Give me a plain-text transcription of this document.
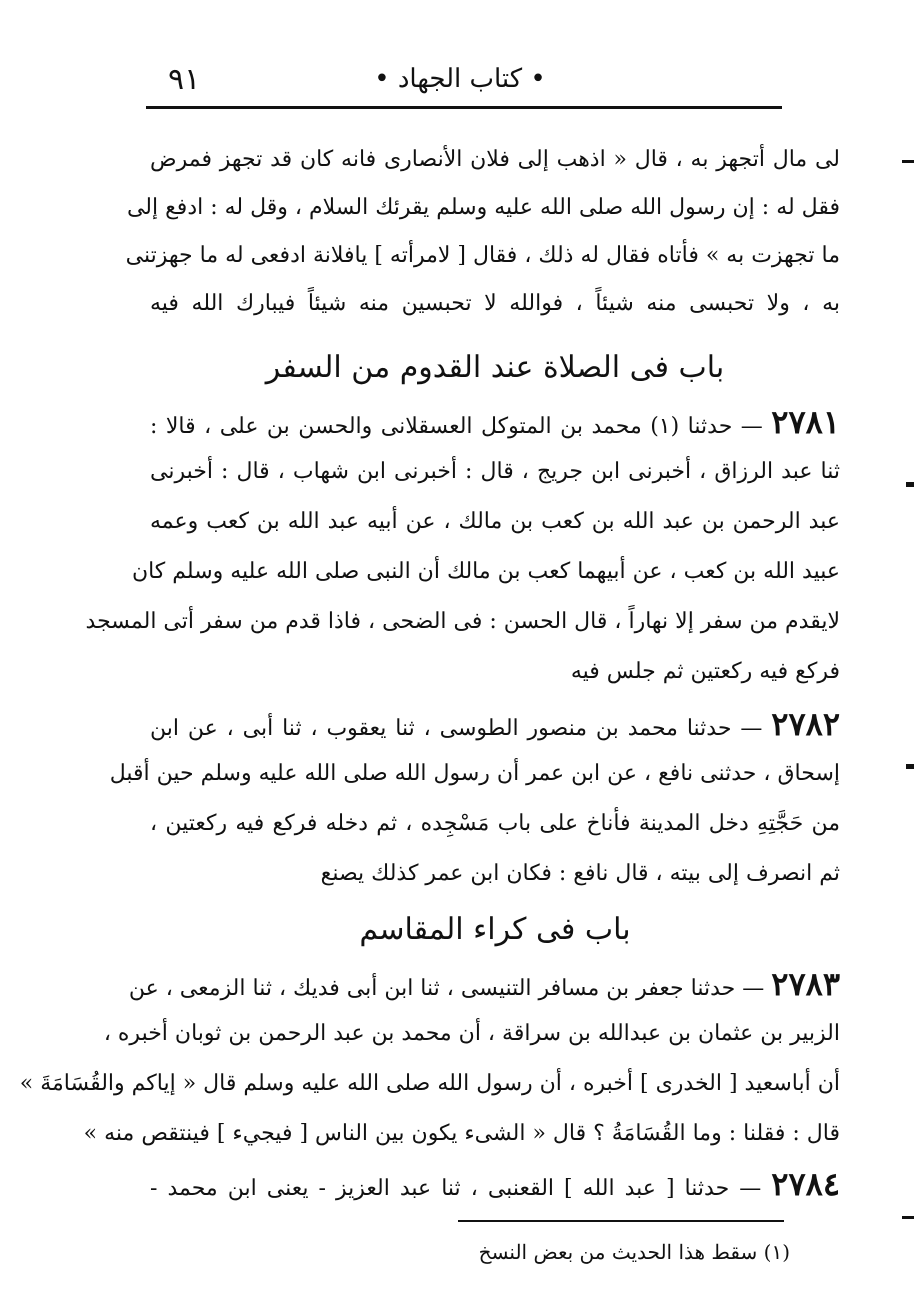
٩١	• كتاب الجهاد •
لى مال أتجهز به ، قال « اذهب إلى فلان الأنصارى فانه كان قد تجهز فمرض
فقل له : إن رسول الله صلى الله عليه وسلم يقرئك السلام ، وقل له : ادفع إلى
ما تجهزت به » فأتاه فقال له ذلك ، فقال [ لامرأته ] يافلانة ادفعى له ما جهزتنى
به ، ولا تحبسى منه شيئاً ، فوالله لا تحبسين منه شيئاً فيبارك الله فيه
باب فى الصلاة عند القدوم من السفر
٢٧٨١ — حدثنا (١) محمد بن المتوكل العسقلانى والحسن بن على ، قالا :
ثنا عبد الرزاق ، أخبرنى ابن جريج ، قال : أخبرنى ابن شهاب ، قال : أخبرنى
عبد الرحمن بن عبد الله بن كعب بن مالك ، عن أبيه عبد الله بن كعب وعمه
عبيد الله بن كعب ، عن أبيهما كعب بن مالك أن النبى صلى الله عليه وسلم كان
لايقدم من سفر إلا نهاراً ، قال الحسن : فى الضحى ، فاذا قدم من سفر أتى المسجد
فركع فيه ركعتين ثم جلس فيه
٢٧٨٢ — حدثنا محمد بن منصور الطوسى ، ثنا يعقوب ، ثنا أبى ، عن ابن
إسحاق ، حدثنى نافع ، عن ابن عمر أن رسول الله صلى الله عليه وسلم حين أقبل
من حَجَّتِهِ دخل المدينة فأناخ على باب مَسْجِده ، ثم دخله فركع فيه ركعتين ،
ثم انصرف إلى بيته ، قال نافع : فكان ابن عمر كذلك يصنع
باب فى كراء المقاسم
٢٧٨٣ — حدثنا جعفر بن مسافر التنيسى ، ثنا ابن أبى فديك ، ثنا الزمعى ، عن
الزبير بن عثمان بن عبدالله بن سراقة ، أن محمد بن عبد الرحمن بن ثوبان أخبره ،
أن أباسعيد [ الخدرى ] أخبره ، أن رسول الله صلى الله عليه وسلم قال « إياكم والقُسَامَةَ »
قال : فقلنا : وما القُسَامَةُ ؟ قال « الشىء يكون بين الناس [ فيجيء ] فينتقص منه »
٢٧٨٤ — حدثنا [ عبد الله ] القعنبى ، ثنا عبد العزيز - يعنى ابن محمد -
(١) سقط هذا الحديث من بعض النسخ
